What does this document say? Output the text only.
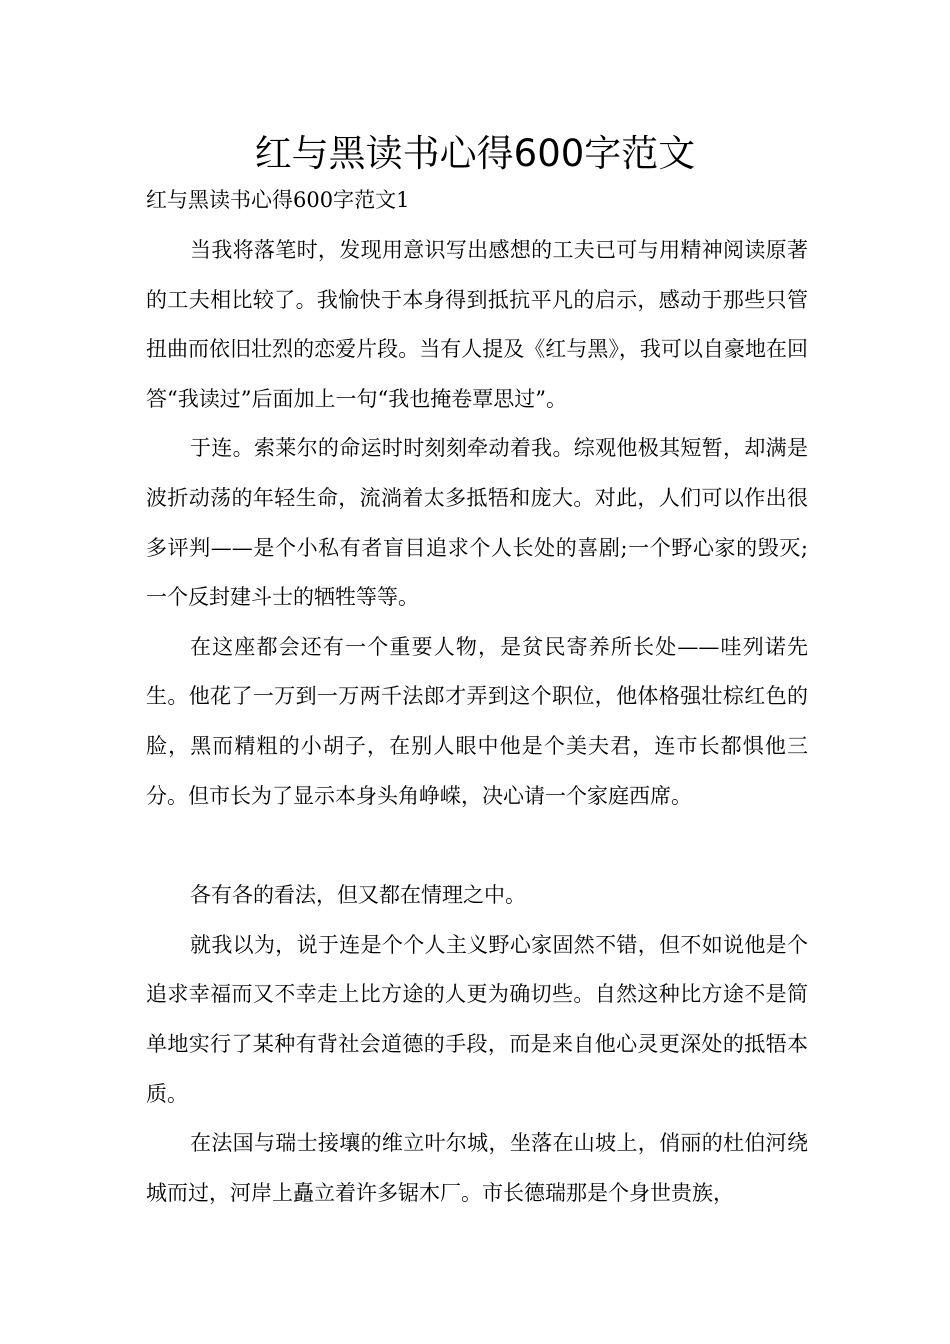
红与黑读书心得600字范文

红与黑读书心得600字范文1

当我将落笔时，发现用意识写出感想的工夫已可与用精神阅读原著的工夫相比较了。我愉快于本身得到抵抗平凡的启示，感动于那些只管扭曲而依旧壮烈的恋爱片段。当有人提及《红与黑》，我可以自豪地在回答“我读过”后面加上一句“我也掩卷覃思过”。

于连。索莱尔的命运时时刻刻牵动着我。综观他极其短暂，却满是波折动荡的年轻生命，流淌着太多抵牾和庞大。对此，人们可以作出很多评判——是个小私有者盲目追求个人长处的喜剧;一个野心家的毁灭;一个反封建斗士的牺牲等等。

在这座都会还有一个重要人物，是贫民寄养所长处——哇列诺先生。他花了一万到一万两千法郎才弄到这个职位，他体格强壮棕红色的脸，黑而精粗的小胡子，在别人眼中他是个美夫君，连市长都惧他三分。但市长为了显示本身头角峥嵘，决心请一个家庭西席。

各有各的看法，但又都在情理之中。

就我以为，说于连是个个人主义野心家固然不错，但不如说他是个追求幸福而又不幸走上比方途的人更为确切些。自然这种比方途不是简单地实行了某种有背社会道德的手段，而是来自他心灵更深处的抵牾本质。

在法国与瑞士接壤的维立叶尔城，坐落在山坡上，俏丽的杜伯河绕城而过，河岸上矗立着许多锯木厂。市长德瑞那是个身世贵族，
